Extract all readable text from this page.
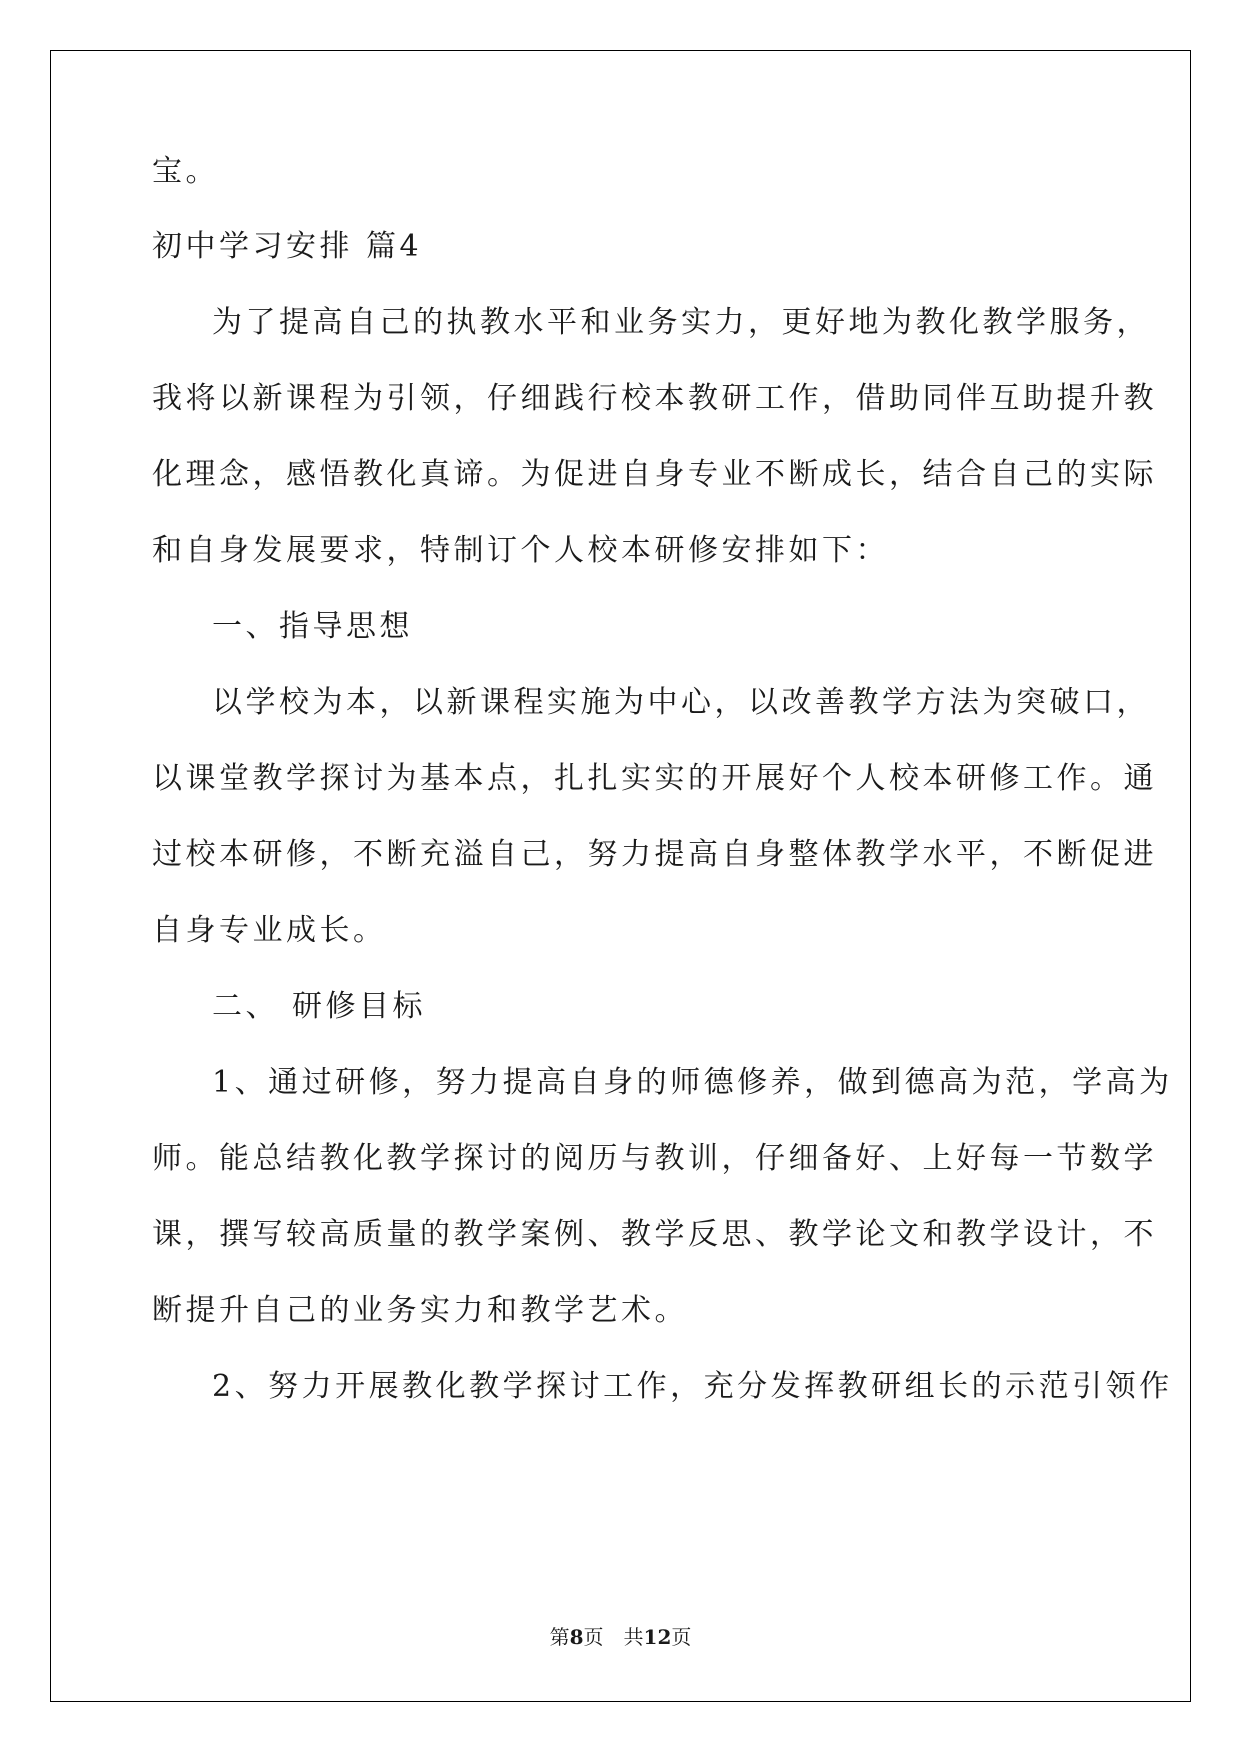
宝。
初中学习安排 篇4
为了提高自己的执教水平和业务实力，更好地为教化教学服务，
我将以新课程为引领，仔细践行校本教研工作，借助同伴互助提升教
化理念，感悟教化真谛。为促进自身专业不断成长，结合自己的实际
和自身发展要求，特制订个人校本研修安排如下：
一、指导思想
以学校为本，以新课程实施为中心，以改善教学方法为突破口，
以课堂教学探讨为基本点，扎扎实实的开展好个人校本研修工作。通
过校本研修，不断充溢自己，努力提高自身整体教学水平，不断促进
自身专业成长。
二、 研修目标
1、通过研修，努力提高自身的师德修养，做到德高为范，学高为
师。能总结教化教学探讨的阅历与教训，仔细备好、上好每一节数学
课，撰写较高质量的教学案例、教学反思、教学论文和教学设计，不
断提升自己的业务实力和教学艺术。
2、努力开展教化教学探讨工作，充分发挥教研组长的示范引领作
第8页　共12页
